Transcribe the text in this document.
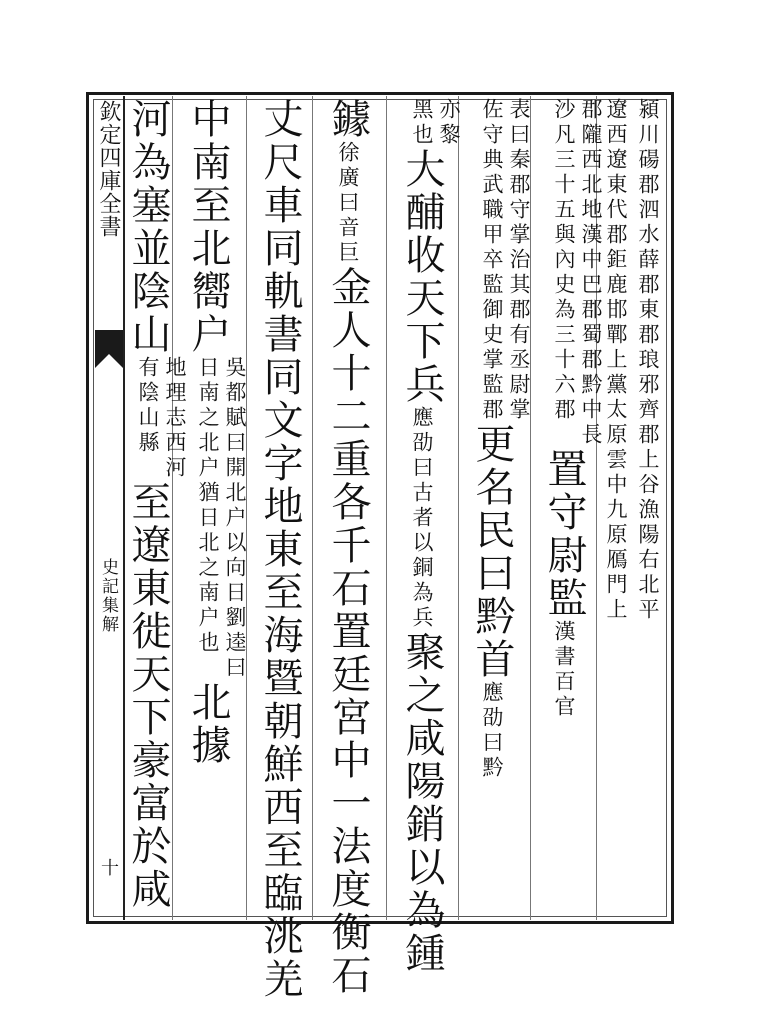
欽定四庫全書
史記集解
十
潁川碭郡泗水薛郡東郡琅邪齊郡上谷漁陽右北平
遼西遼東代郡鉅鹿邯鄲上黨太原雲中九原鴈門上
郡隴西北地漢中巴郡蜀郡黔中長
沙凡三十五與內史為三十六郡置守尉監漢書百官
表曰秦郡守掌治其郡有丞尉掌
佐守典武職甲卒監御史掌監郡更名民曰黔首應劭曰黔
亦黎
黑也大酺收天下兵應劭曰古者以銅為兵聚之咸陽銷以為鍾
鐻徐廣曰音巨金人十二重各千石置廷宮中一法度衡石
丈尺車同軌書同文字地東至海暨朝鮮西至臨洮羌
中南至北嚮户吳都賦曰開北户以向日劉逵曰
日南之北户猶日北之南户也北據
河為塞並陰山地理志西河
有陰山縣至遼東徙天下豪富於咸
